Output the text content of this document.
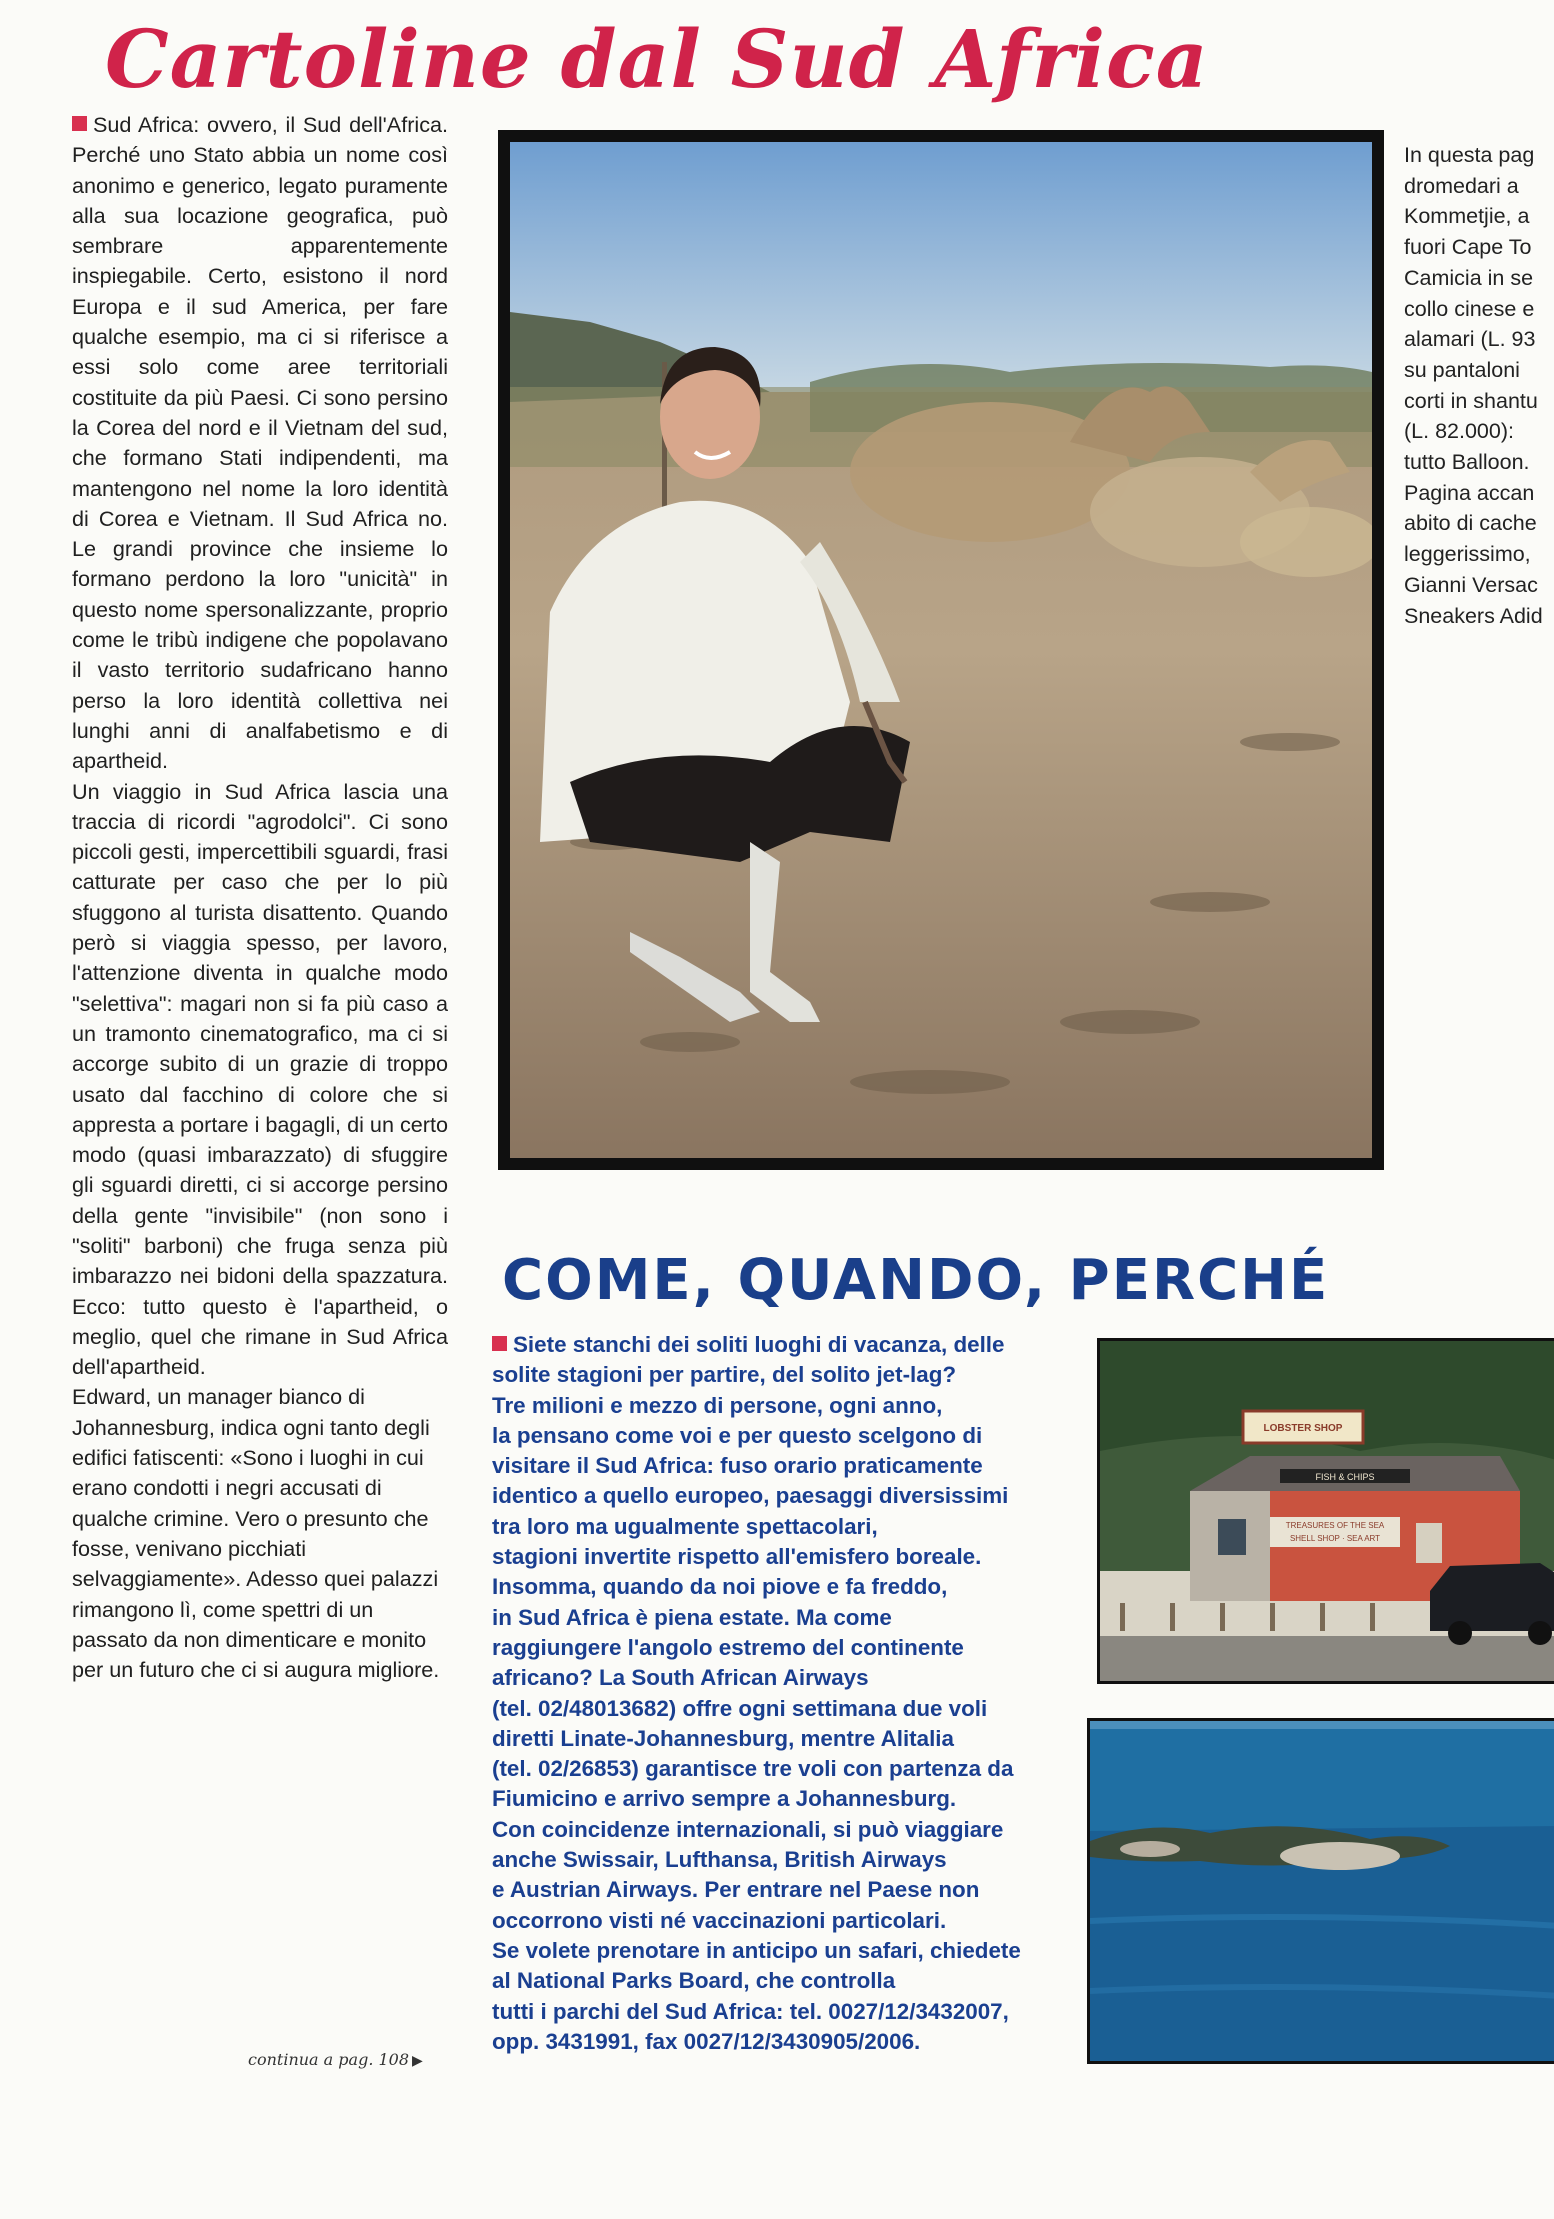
Cartoline dal Sud Africa

Sud Africa: ovvero, il Sud dell'Africa. Perché uno Stato abbia un nome così anonimo e generico, legato puramente alla sua locazione geografica, può sembrare apparentemente inspiegabile. Certo, esistono il nord Europa e il sud America, per fare qualche esempio, ma ci si riferisce a essi solo come aree territoriali costituite da più Paesi. Ci sono persino la Corea del nord e il Vietnam del sud, che formano Stati indipendenti, ma mantengono nel nome la loro identità di Corea e Vietnam. Il Sud Africa no. Le grandi province che insieme lo formano perdono la loro "unicità" in questo nome spersonalizzante, proprio come le tribù indigene che popolavano il vasto territorio sudafricano hanno perso la loro identità collettiva nei lunghi anni di analfabetismo e di apartheid.

Un viaggio in Sud Africa lascia una traccia di ricordi "agrodolci". Ci sono piccoli gesti, impercettibili sguardi, frasi catturate per caso che per lo più sfuggono al turista disattento. Quando però si viaggia spesso, per lavoro, l'attenzione diventa in qualche modo "selettiva": magari non si fa più caso a un tramonto cinematografico, ma ci si accorge subito di un grazie di troppo usato dal facchino di colore che si appresta a portare i bagagli, di un certo modo (quasi imbarazzato) di sfuggire gli sguardi diretti, ci si accorge persino della gente "invisibile" (non sono i "soliti" barboni) che fruga senza più imbarazzo nei bidoni della spazzatura. Ecco: tutto questo è l'apartheid, o meglio, quel che rimane in Sud Africa dell'apartheid.

Edward, un manager bianco di Johannesburg, indica ogni tanto degli edifici fatiscenti: «Sono i luoghi in cui erano condotti i negri accusati di qualche crimine. Vero o presunto che fosse, venivano picchiati selvaggiamente». Adesso quei palazzi rimangono lì, come spettri di un passato da non dimenticare e monito per un futuro che ci si augura migliore.

continua a pag. 108 ▶
In questa pag
dromedari a
Kommetjie, a
fuori Cape To
Camicia in se
collo cinese e
alamari (L. 93
su pantaloni
corti in shantu
(L. 82.000):
tutto Balloon.
Pagina accan
abito di cache
leggerissimo,
Gianni Versac
Sneakers Adid
COME, QUANDO, PERCHÉ
Siete stanchi dei soliti luoghi di vacanza, delle
solite stagioni per partire, del solito jet-lag?
Tre milioni e mezzo di persone, ogni anno,
la pensano come voi e per questo scelgono di
visitare il Sud Africa: fuso orario praticamente
identico a quello europeo, paesaggi diversissimi
tra loro ma ugualmente spettacolari,
stagioni invertite rispetto all'emisfero boreale.
Insomma, quando da noi piove e fa freddo,
in Sud Africa è piena estate. Ma come
raggiungere l'angolo estremo del continente
africano? La South African Airways
(tel. 02/48013682) offre ogni settimana due voli
diretti Linate-Johannesburg, mentre Alitalia
(tel. 02/26853) garantisce tre voli con partenza da
Fiumicino e arrivo sempre a Johannesburg.
Con coincidenze internazionali, si può viaggiare
anche Swissair, Lufthansa, British Airways
e Austrian Airways. Per entrare nel Paese non
occorrono visti né vaccinazioni particolari.
Se volete prenotare in anticipo un safari, chiedete
al National Parks Board, che controlla
tutti i parchi del Sud Africa: tel. 0027/12/3432007,
opp. 3431991, fax 0027/12/3430905/2006.
LOBSTER SHOP
FISH & CHIPS
TREASURES OF THE SEA
SHELL SHOP · SEA ART
